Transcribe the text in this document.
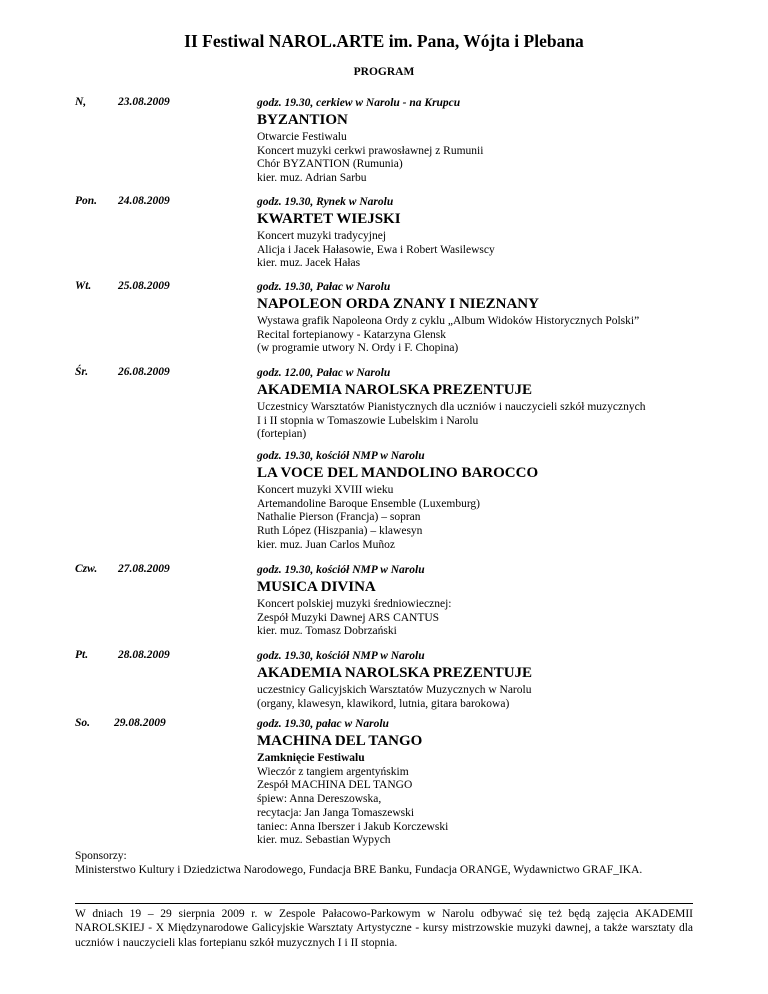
II Festiwal NAROL.ARTE im. Pana, Wójta i Plebana
PROGRAM
N,	23.08.2009	godz. 19.30, cerkiew w Narolu - na Krupcu
BYZANTION
Otwarcie Festiwalu
Koncert muzyki cerkwi prawosławnej z Rumunii
Chór BYZANTION (Rumunia)
kier. muz. Adrian Sarbu
Pon. 24.08.2009	godz. 19.30, Rynek w Narolu
KWARTET WIEJSKI
Koncert muzyki tradycyjnej
Alicja i Jacek Hałasowie, Ewa i Robert Wasilewscy
kier. muz. Jacek Hałas
Wt. 25.08.2009	godz. 19.30, Pałac w Narolu
NAPOLEON ORDA ZNANY I NIEZNANY
Wystawa grafik Napoleona Ordy z cyklu „Album Widoków Historycznych Polski”
Recital fortepianowy - Katarzyna Glensk
(w programie utwory N. Ordy i F. Chopina)
Śr.	26.08.2009	godz. 12.00, Pałac w Narolu
AKADEMIA NAROLSKA PREZENTUJE
Uczestnicy Warsztatów Pianistycznych dla uczniów i nauczycieli szkół muzycznych
I i II stopnia w Tomaszowie Lubelskim i Narolu
(fortepian)
godz. 19.30, kościół NMP w Narolu
LA VOCE DEL MANDOLINO BAROCCO
Koncert muzyki XVIII wieku
Artemandoline Baroque Ensemble (Luxemburg)
Nathalie Pierson (Francja) – sopran
Ruth López (Hiszpania) – klawesyn
kier. muz. Juan Carlos Muñoz
Czw. 27.08.2009	godz. 19.30, kościół NMP w Narolu
MUSICA DIVINA
Koncert polskiej muzyki średniowiecznej:
Zespół Muzyki Dawnej ARS CANTUS
kier. muz. Tomasz Dobrzański
Pt.	28.08.2009	godz. 19.30, kościół NMP w Narolu
AKADEMIA NAROLSKA PREZENTUJE
uczestnicy Galicyjskich Warsztatów Muzycznych w Narolu
(organy, klawesyn, klawikord, lutnia, gitara barokowa)
So. 29.08.2009	godz. 19.30, pałac w Narolu
MACHINA DEL TANGO
Zamknięcie Festiwalu
Wieczór z tangiem argentyńskim
Zespół MACHINA DEL TANGO
śpiew: Anna Dereszowska,
recytacja: Jan Janga Tomaszewski
taniec: Anna Iberszer i Jakub Korczewski
kier. muz. Sebastian Wypych
Sponsorzy:
Ministerstwo Kultury i Dziedzictwa Narodowego, Fundacja BRE Banku, Fundacja ORANGE, Wydawnictwo GRAF_IKA.
W dniach 19 – 29 sierpnia 2009 r. w Zespole Pałacowo-Parkowym w Narolu odbywać się też będą zajęcia AKADEMII NAROLSKIEJ - X Międzynarodowe Galicyjskie Warsztaty Artystyczne - kursy mistrzowskie muzyki dawnej, a także warsztaty dla uczniów i nauczycieli klas fortepianu szkół muzycznych I i II stopnia.
